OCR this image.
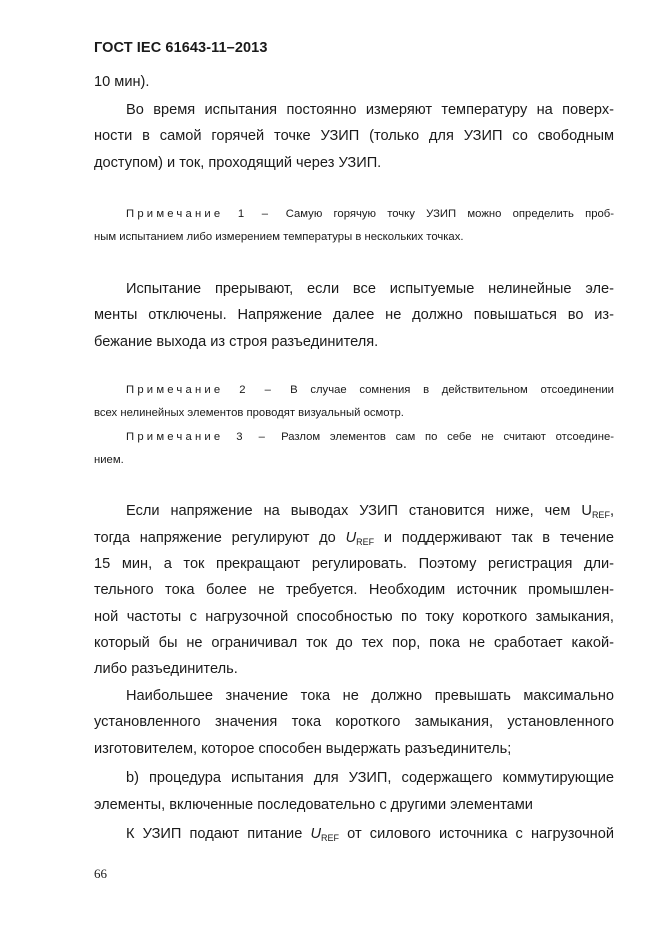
ГОСТ IEC 61643-11–2013
10 мин).
Во время испытания постоянно измеряют температуру на поверх-
ности в самой горячей точке УЗИП (только для УЗИП со свободным
доступом) и ток, проходящий через УЗИП.
Примечание 1 – Самую горячую точку УЗИП можно определить проб-
ным испытанием либо измерением температуры в нескольких точках.
Испытание прерывают, если все испытуемые нелинейные эле-
менты отключены. Напряжение далее не должно повышаться во из-
бежание выхода из строя разъединителя.
Примечание 2 – В случае сомнения в действительном отсоединении
всех нелинейных элементов проводят визуальный осмотр.
Примечание 3 – Разлом элементов сам по себе не считают отсоедине-
нием.
Если напряжение на выводах УЗИП становится ниже, чем $U_{REF}$,
тогда напряжение регулируют до $U_{REF}$ и поддерживают так в течение
15 мин, а ток прекращают регулировать. Поэтому регистрация дли-
тельного тока более не требуется. Необходим источник промышлен-
ной частоты с нагрузочной способностью по току короткого замыкания,
который бы не ограничивал ток до тех пор, пока не сработает какой-
либо разъединитель.
Наибольшее значение тока не должно превышать максимально
установленного значения тока короткого замыкания, установленного
изготовителем, которое способен выдержать разъединитель;
b) процедура испытания для УЗИП, содержащего коммутирующие
элементы, включенные последовательно с другими элементами
К УЗИП подают питание $U_{REF}$ от силового источника с нагрузочной
66
